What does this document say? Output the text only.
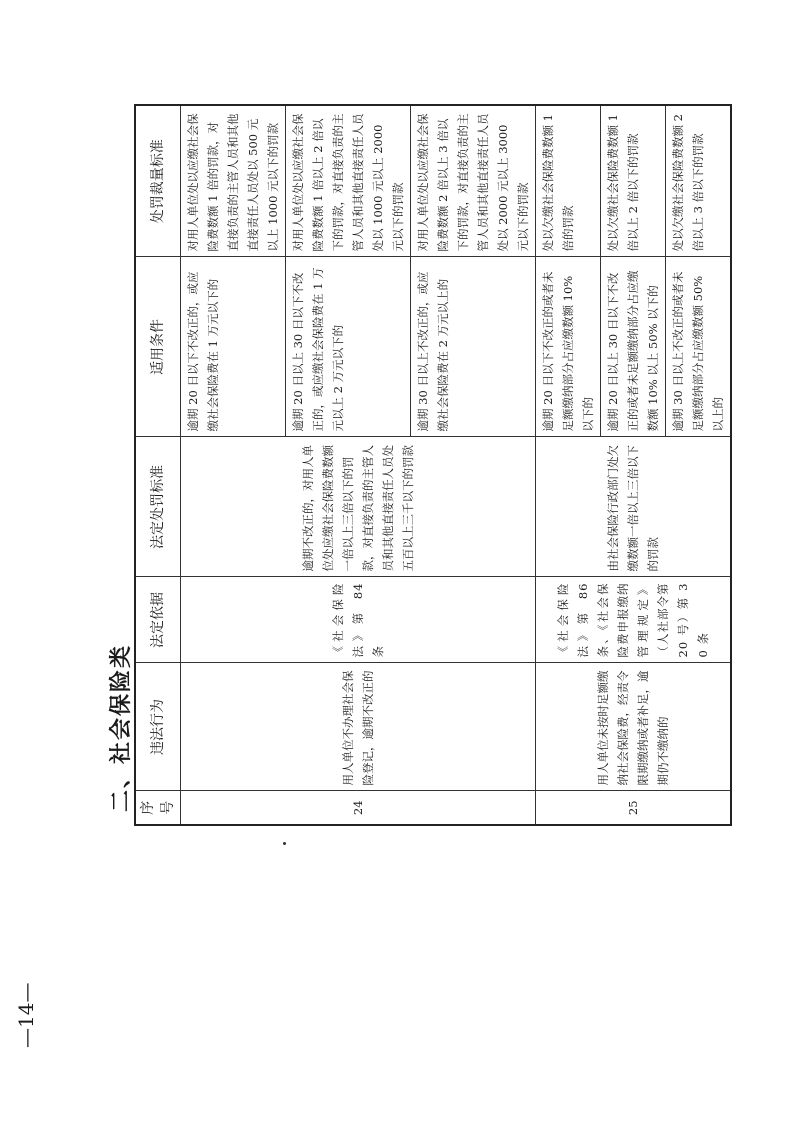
—14—
二、社会保险类 序号	违法行为	法定依据	法定处罚标准	适用条件	处罚裁量标准
24	用人单位不办理社会保险登记，逾期不改正的	《社会保险法》第 84 条	逾期不改正的，对用人单位处应缴社会保险费数额一倍以上三倍以下的罚款，对直接负责的主管人员和其他直接责任人员处五百以上三千以下的罚款	逾期 20 日以下不改正的，或应缴社会保险费在 1 万元以下的	对用人单位处以应缴社会保险费数额 1 倍的罚款，对直接负责的主管人员和其他直接责任人员处以 500 元以上 1000 元以下的罚款
				逾期 20 日以上 30 日以下不改正的，或应缴社会保险费在 1 万元以上 2 万元以下的	对用人单位处以应缴社会保险费数额 1 倍以上 2 倍以下的罚款，对直接负责的主管人员和其他直接责任人员处以 1000 元以上 2000 元以下的罚款
				逾期 30 日以上不改正的，或应缴社会保险费在 2 万元以上的	对用人单位处以应缴社会保险费数额 2 倍以上 3 倍以下的罚款，对直接负责的主管人员和其他直接责任人员处以 2000 元以上 3000 元以下的罚款
25	用人单位未按时足额缴纳社会保险费，经责令限期缴纳或者补足，逾期仍不缴纳的	《社会保险法》第 86 条、《社会保险费申报缴纳管理规定》（人社部令第 20 号）第 30 条	由社会保险行政部门处欠缴数额一倍以上三倍以下的罚款	逾期 20 日以下不改正的或者未足额缴纳部分占应缴数额 10% 以下的	处以欠缴社会保险费数额 1 倍的罚款
				逾期 20 日以上 30 日以下不改正的或者未足额缴纳部分占应缴数额 10% 以上 50% 以下的	处以欠缴社会保险费数额 1 倍以上 2 倍以下的罚款
				逾期 30 日以上不改正的或者未足额缴纳部分占应缴数额 50% 以上的	处以欠缴社会保险费数额 2 倍以上 3 倍以下的罚款
